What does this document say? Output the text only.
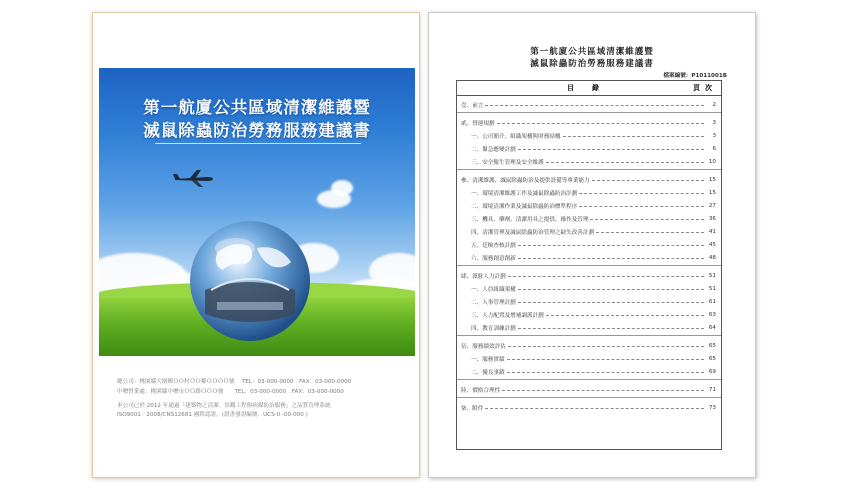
第一航廈公共區域清潔維護暨
滅鼠除蟲防治勞務服務建議書
總公司：桃園縣大園鄉ＯＯ村ＯＯ鄰ＯＯＯＯ號　 TEL：03-000-0000　FAX：03-000-0000
中壢營業處：桃園縣中壢市ＯＯ路ＯＯＯ號　　TEL：03-000-0000　FAX：03-000-0000
本公司已於 2012 年通過「建築物之清潔、景觀工程與病媒防治服務」之品質管理系統
ISO9001：2008/CNS12681 國際認證。(證書發證編號：UCS-0 -00-000 )
第一航廈公共區域清潔維護暨
滅鼠除蟲防治勞務服務建議書
檔案編號：P1011001B
目錄	頁次
壹、前言	2
貳、營運規劃	3
一、公司簡介、組織架構與財務結構	3
二、緊急應變計劃	6
三、安全衛生管理及安全維護	10
參、清潔維護、滅鼠除蟲防治及提供設備等專業能力	15
一、環境清潔維護工作及滅鼠除蟲防治計劃	15
二、環境清潔作業及滅鼠除蟲防治標準程序	27
三、機具、藥劑、清潔用具之提供、操作及管理	36
四、清潔管理及滅鼠除蟲防治管理之缺失改善計劃	41
五、廷檢查核計劃	45
六、服務創意創新	48
肆、派駐人力計劃	51
一、人員組織架構	51
二、人事管理計劃	61
三、人力配置及增補調派計劃	63
四、教育訓練計劃	64
伍、服務績效評估	65
一、服務實績	65
二、優良事蹟	69
陸、價格合理性	71
柒、附件	73
